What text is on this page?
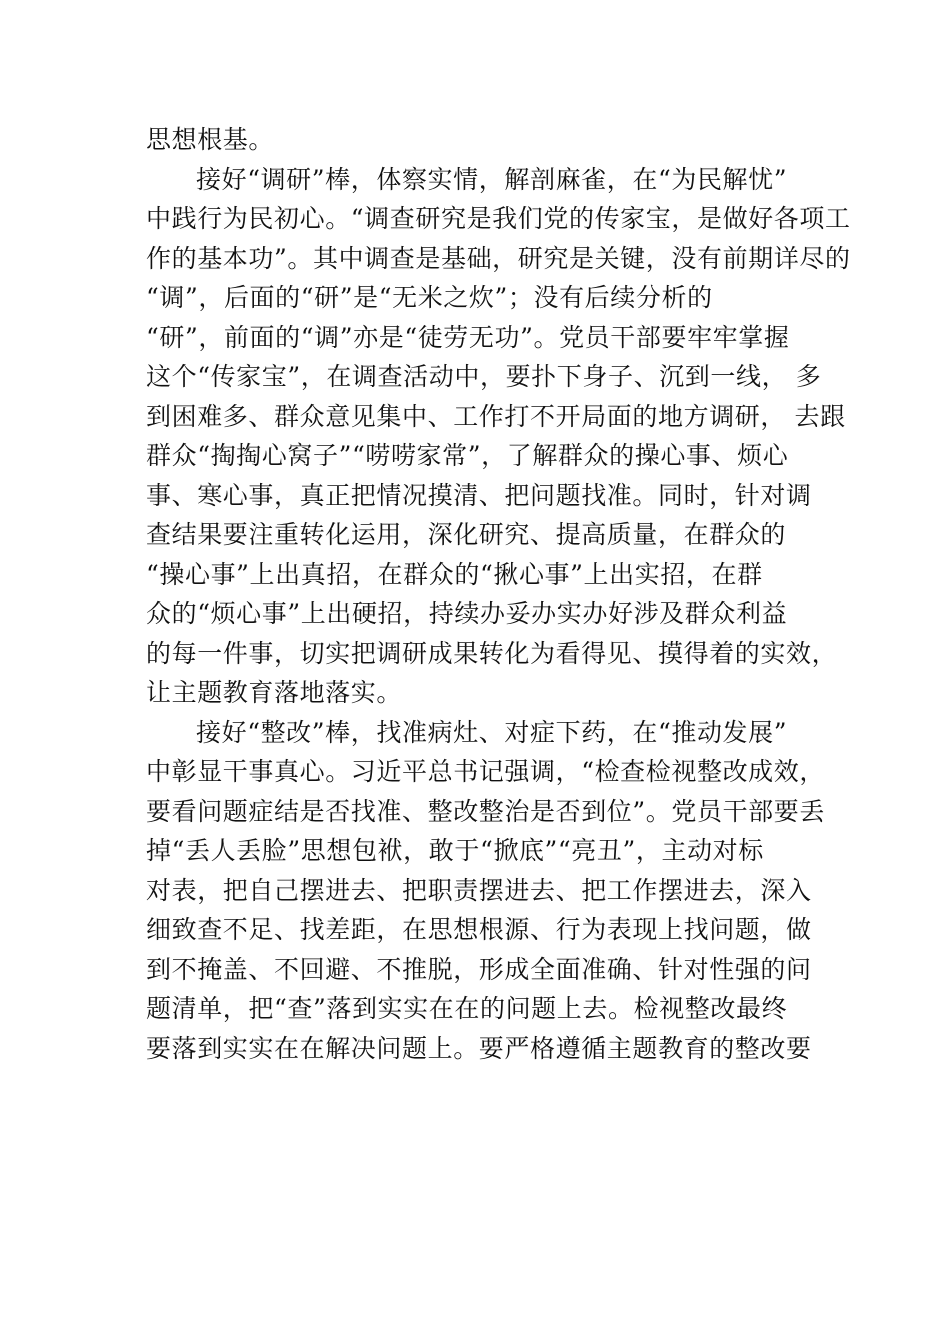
思想根基。
接好“调研”棒，体察实情，解剖麻雀，在“为民解忧”
中践行为民初心。“调查研究是我们党的传家宝，是做好各项工
作的基本功”。其中调查是基础，研究是关键，没有前期详尽的
“调”，后面的“研”是“无米之炊”；没有后续分析的
“研”，前面的“调”亦是“徒劳无功”。党员干部要牢牢掌握
这个“传家宝”，在调查活动中，要扑下身子、沉到一线， 多
到困难多、群众意见集中、工作打不开局面的地方调研， 去跟
群众“掏掏心窝子”“唠唠家常”，了解群众的操心事、烦心
事、寒心事，真正把情况摸清、把问题找准。同时，针对调
查结果要注重转化运用，深化研究、提高质量，在群众的
“操心事”上出真招，在群众的“揪心事”上出实招，在群
众的“烦心事”上出硬招，持续办妥办实办好涉及群众利益
的每一件事，切实把调研成果转化为看得见、摸得着的实效，
让主题教育落地落实。
接好“整改”棒，找准病灶、对症下药，在“推动发展”
中彰显干事真心。习近平总书记强调，“检查检视整改成效，
要看问题症结是否找准、整改整治是否到位”。党员干部要丢
掉“丢人丢脸”思想包袱，敢于“掀底”“亮丑”，主动对标
对表，把自己摆进去、把职责摆进去、把工作摆进去，深入
细致查不足、找差距，在思想根源、行为表现上找问题，做
到不掩盖、不回避、不推脱，形成全面准确、针对性强的问
题清单，把“查”落到实实在在的问题上去。检视整改最终
要落到实实在在解决问题上。要严格遵循主题教育的整改要
